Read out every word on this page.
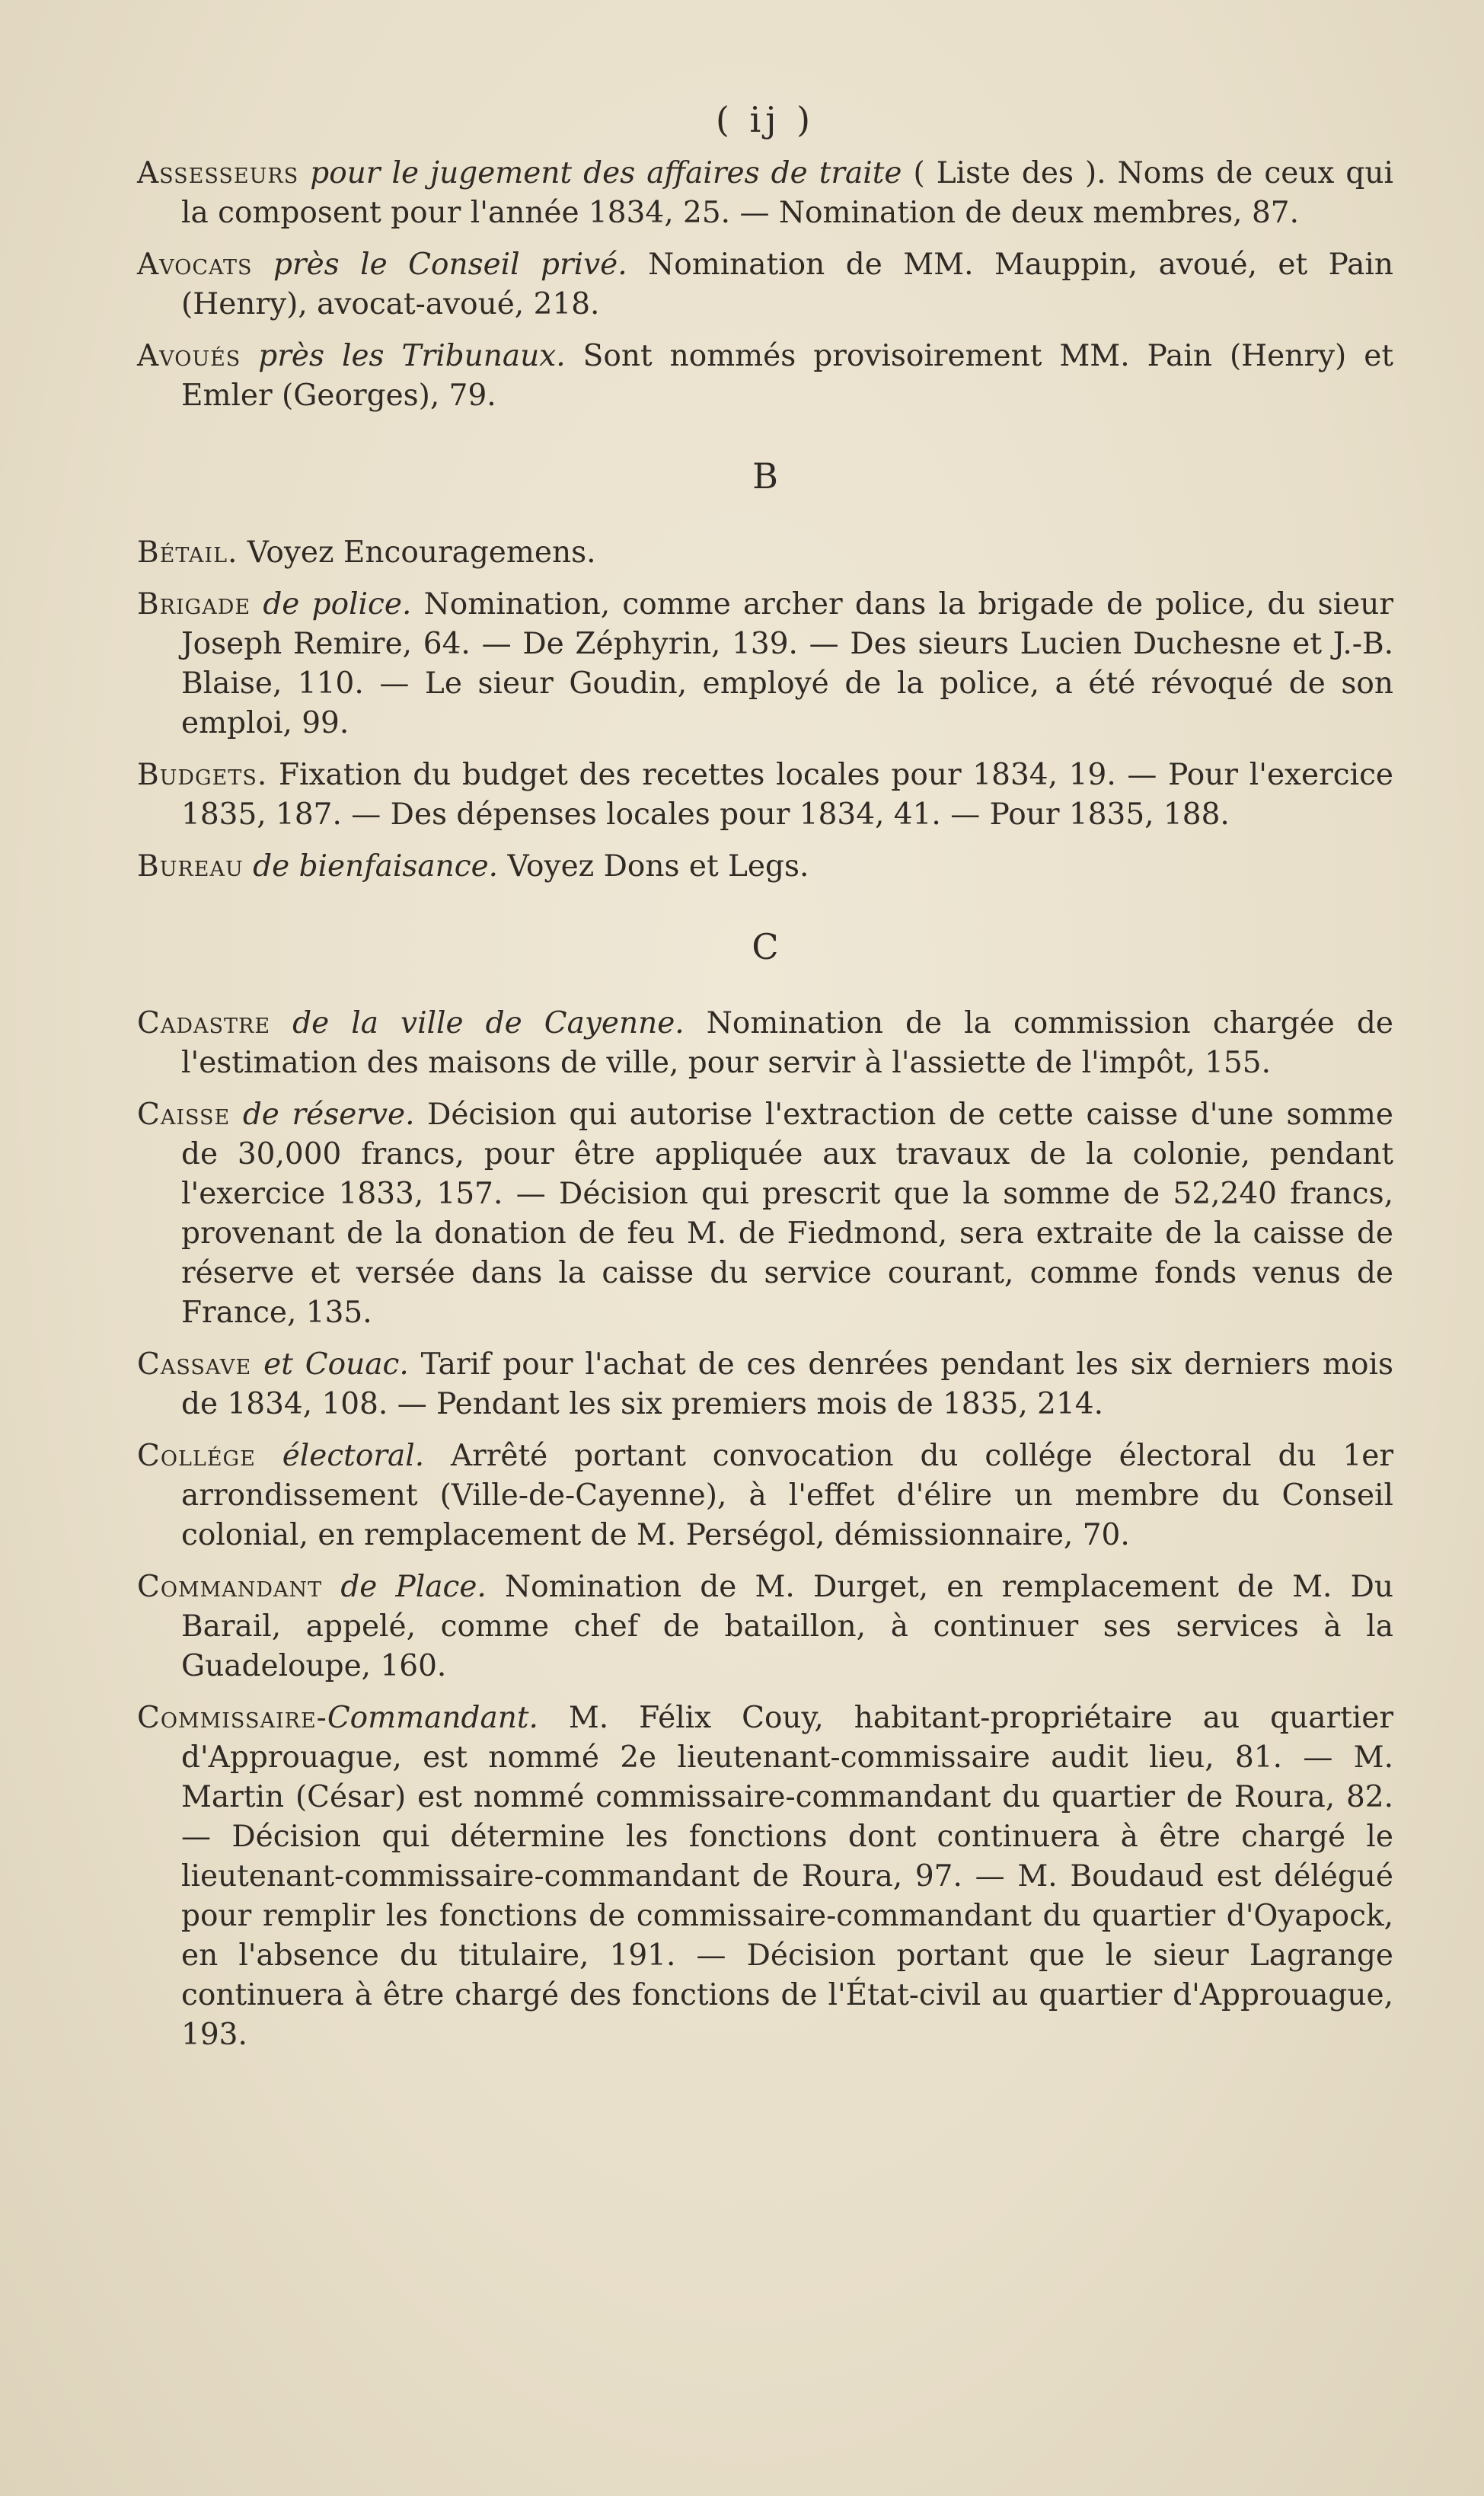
( ij )

Assesseurs pour le jugement des affaires de traite ( Liste des ). Noms de ceux qui la composent pour l'année 1834, 25. — Nomination de deux membres, 87.

Avocats près le Conseil privé. Nomination de MM. Mauppin, avoué, et Pain (Henry), avocat-avoué, 218.

Avoués près les Tribunaux. Sont nommés provisoirement MM. Pain (Henry) et Emler (Georges), 79.

B

Bétail. Voyez Encouragemens.

Brigade de police. Nomination, comme archer dans la brigade de police, du sieur Joseph Remire, 64. — De Zéphyrin, 139. — Des sieurs Lucien Duchesne et J.-B. Blaise, 110. — Le sieur Goudin, employé de la police, a été révoqué de son emploi, 99.

Budgets. Fixation du budget des recettes locales pour 1834, 19. — Pour l'exercice 1835, 187. — Des dépenses locales pour 1834, 41. — Pour 1835, 188.

Bureau de bienfaisance. Voyez Dons et Legs.

C

Cadastre de la ville de Cayenne. Nomination de la commission chargée de l'estimation des maisons de ville, pour servir à l'assiette de l'impôt, 155.

Caisse de réserve. Décision qui autorise l'extraction de cette caisse d'une somme de 30,000 francs, pour être appliquée aux travaux de la colonie, pendant l'exercice 1833, 157. — Décision qui prescrit que la somme de 52,240 francs, provenant de la donation de feu M. de Fiedmond, sera extraite de la caisse de réserve et versée dans la caisse du service courant, comme fonds venus de France, 135.

Cassave et Couac. Tarif pour l'achat de ces denrées pendant les six derniers mois de 1834, 108. — Pendant les six premiers mois de 1835, 214.

Collége électoral. Arrêté portant convocation du collége électoral du 1er arrondissement (Ville-de-Cayenne), à l'effet d'élire un membre du Conseil colonial, en remplacement de M. Perségol, démissionnaire, 70.

Commandant de Place. Nomination de M. Durget, en remplacement de M. Du Barail, appelé, comme chef de bataillon, à continuer ses services à la Guadeloupe, 160.

Commissaire-Commandant. M. Félix Couy, habitant-propriétaire au quartier d'Approuague, est nommé 2e lieutenant-commissaire audit lieu, 81. — M. Martin (César) est nommé commissaire-commandant du quartier de Roura, 82. — Décision qui détermine les fonctions dont continuera à être chargé le lieutenant-commissaire-commandant de Roura, 97. — M. Boudaud est délégué pour remplir les fonctions de commissaire-commandant du quartier d'Oyapock, en l'absence du titulaire, 191. — Décision portant que le sieur Lagrange continuera à être chargé des fonctions de l'État-civil au quartier d'Approuague, 193.
